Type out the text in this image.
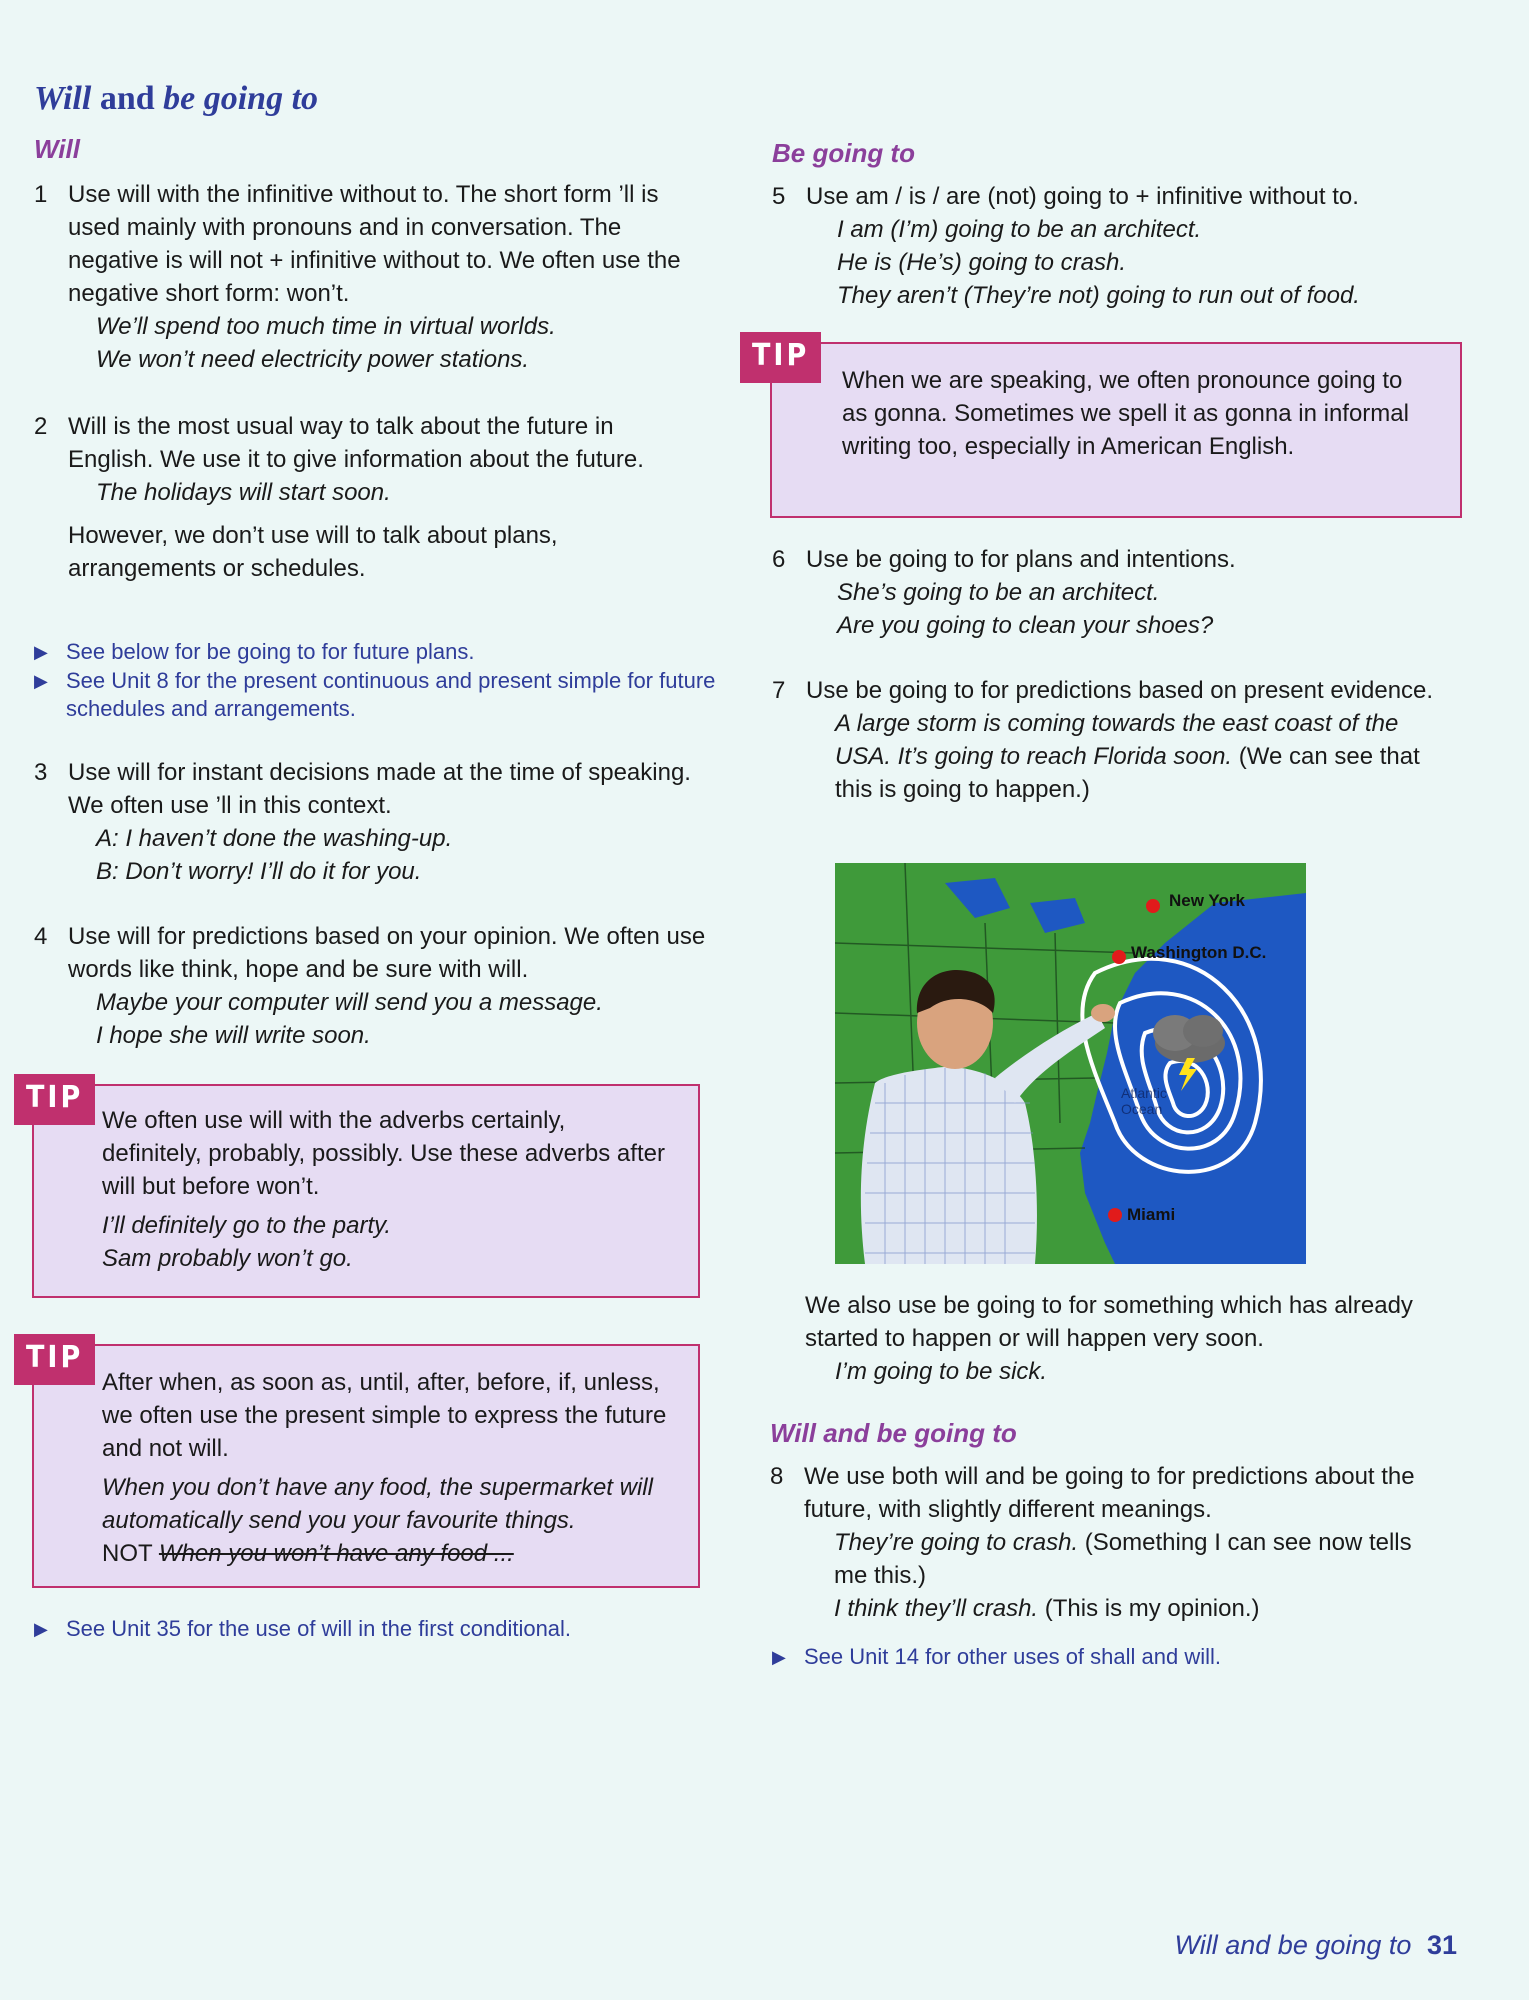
Will and be going to
Will
1 Use will with the infinitive without to. The short form ’ll is used mainly with pronouns and in conversation. The negative is will not + infinitive without to. We often use the negative short form: won’t.
We’ll spend too much time in virtual worlds.
We won’t need electricity power stations.
2 Will is the most usual way to talk about the future in English. We use it to give information about the future.
The holidays will start soon.
However, we don’t use will to talk about plans, arrangements or schedules.
▶ See below for be going to for future plans.
▶ See Unit 8 for the present continuous and present simple for future schedules and arrangements.
3 Use will for instant decisions made at the time of speaking. We often use ’ll in this context.
A: I haven’t done the washing-up.
B: Don’t worry! I’ll do it for you.
4 Use will for predictions based on your opinion. We often use words like think, hope and be sure with will.
Maybe your computer will send you a message.
I hope she will write soon.
We often use will with the adverbs certainly, definitely, probably, possibly. Use these adverbs after will but before won’t.
I’ll definitely go to the party.
Sam probably won’t go.
TIP
After when, as soon as, until, after, before, if, unless, we often use the present simple to express the future and not will.
When you don’t have any food, the supermarket will automatically send you your favourite things.
NOT When you won’t have any food ...
TIP
▶ See Unit 35 for the use of will in the first conditional.
Be going to
5 Use am / is / are (not) going to + infinitive without to.
I am (I’m) going to be an architect.
He is (He’s) going to crash.
They aren’t (They’re not) going to run out of food.
When we are speaking, we often pronounce going to as gonna. Sometimes we spell it as gonna in informal writing too, especially in American English.
TIP
6 Use be going to for plans and intentions.
She’s going to be an architect.
Are you going to clean your shoes?
7 Use be going to for predictions based on present evidence.
A large storm is coming towards the east coast of the USA. It’s going to reach Florida soon. (We can see that this is going to happen.)
New York
Washington D.C.
Miami
Atlantic Ocean
We also use be going to for something which has already started to happen or will happen very soon.
I’m going to be sick.
Will and be going to
8 We use both will and be going to for predictions about the future, with slightly different meanings.
They’re going to crash. (Something I can see now tells me this.)
I think they’ll crash. (This is my opinion.)
▶ See Unit 14 for other uses of shall and will.
Will and be going to 31
